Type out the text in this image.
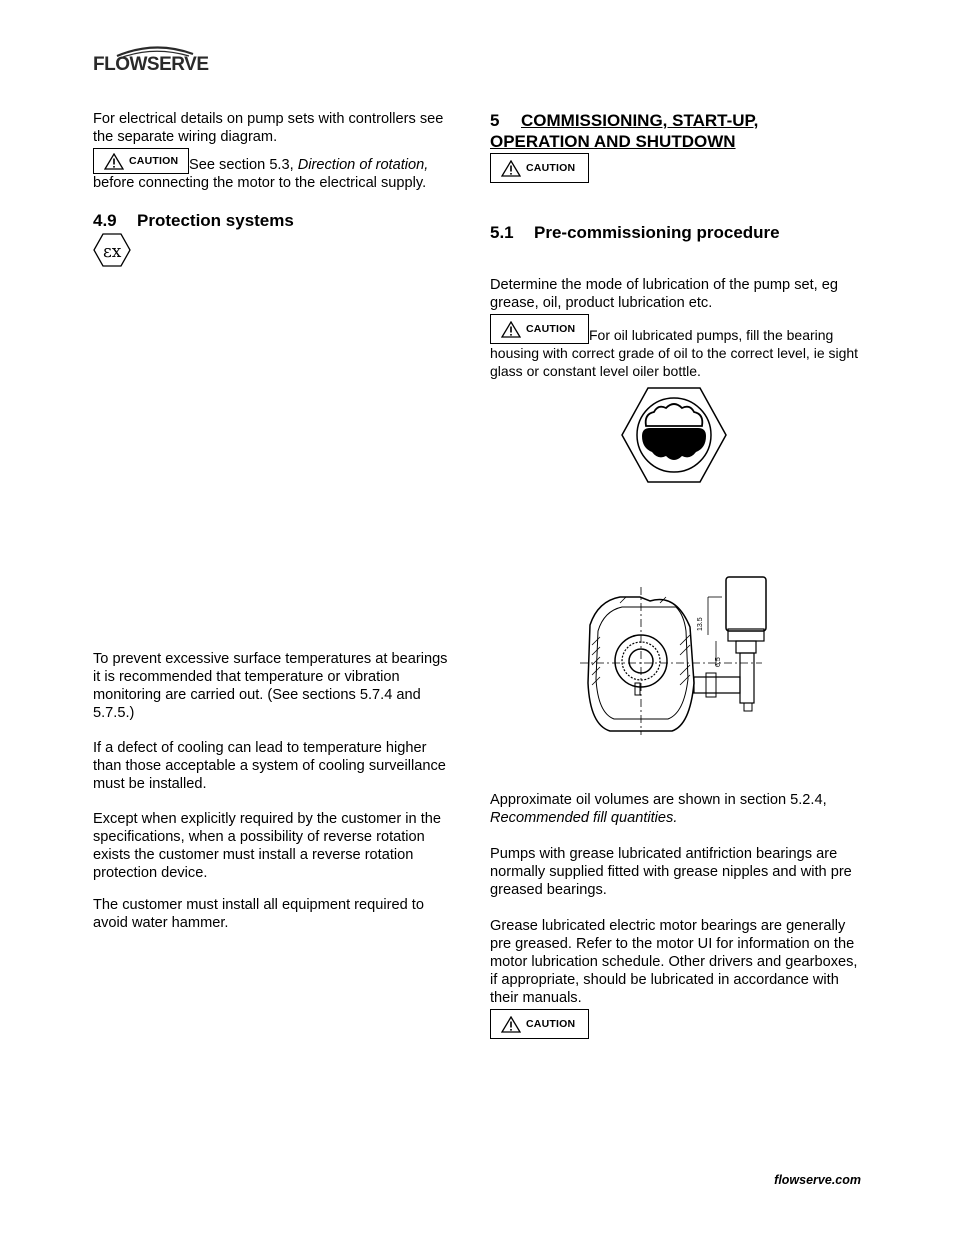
FLOWSERVE

For electrical details on pump sets with controllers see the separate wiring diagram.

CAUTION See section 5.3, Direction of rotation, before connecting the motor to the electrical supply.

4.9 Protection systems
εx

To prevent excessive surface temperatures at bearings it is recommended that temperature or vibration monitoring are carried out. (See sections 5.7.4 and 5.7.5.)

If a defect of cooling can lead to temperature higher than those acceptable a system of cooling surveillance must be installed.

Except when explicitly required by the customer in the specifications, when a possibility of reverse rotation exists the customer must install a reverse rotation protection device.

The customer must install all equipment required to avoid water hammer.

5 COMMISSIONING, START-UP,
OPERATION AND SHUTDOWN
CAUTION
5.1 Pre-commissioning procedure

Determine the mode of lubrication of the pump set, eg grease, oil, product lubrication etc.

CAUTION For oil lubricated pumps, fill the bearing housing with correct grade of oil to the correct level, ie sight glass or constant level oiler bottle.

13.5
6.5

Approximate oil volumes are shown in section 5.2.4, Recommended fill quantities.

Pumps with grease lubricated antifriction bearings are normally supplied fitted with grease nipples and with pre greased bearings.

Grease lubricated electric motor bearings are generally pre greased. Refer to the motor UI for information on the motor lubrication schedule. Other drivers and gearboxes, if appropriate, should be lubricated in accordance with their manuals.

CAUTION
flowserve.com
